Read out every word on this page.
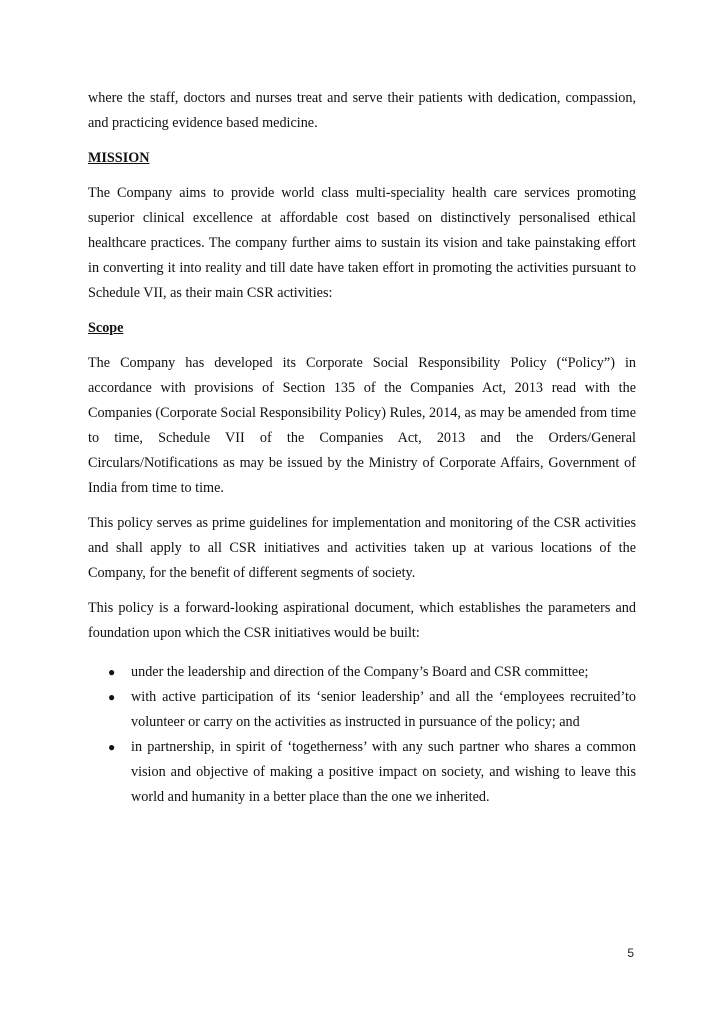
where the staff, doctors and nurses treat and serve their patients with dedication, compassion, and practicing evidence based medicine.

MISSION

The Company aims to provide world class multi-speciality health care services promoting superior clinical excellence at affordable cost based on distinctively personalised ethical healthcare practices. The company further aims to sustain its vision and take painstaking effort in converting it into reality and till date have taken effort in promoting the activities pursuant to Schedule VII, as their main CSR activities:

Scope

The Company has developed its Corporate Social Responsibility Policy (“Policy”) in accordance with provisions of Section 135 of the Companies Act, 2013 read with the Companies (Corporate Social Responsibility Policy) Rules, 2014, as may be amended from time to time, Schedule VII of the Companies Act, 2013 and the Orders/General Circulars/Notifications as may be issued by the Ministry of Corporate Affairs, Government of India from time to time.

This policy serves as prime guidelines for implementation and monitoring of the CSR activities and shall apply to all CSR initiatives and activities taken up at various locations of the Company, for the benefit of different segments of society.

This policy is a forward-looking aspirational document, which establishes the parameters and foundation upon which the CSR initiatives would be built:

● under the leadership and direction of the Company’s Board and CSR committee;
● with active participation of its ‘senior leadership’ and all the ‘employees recruited’to volunteer or carry on the activities as instructed in pursuance of the policy; and
● in partnership, in spirit of ‘togetherness’ with any such partner who shares a common vision and objective of making a positive impact on society, and wishing to leave this world and humanity in a better place than the one we inherited.
5
